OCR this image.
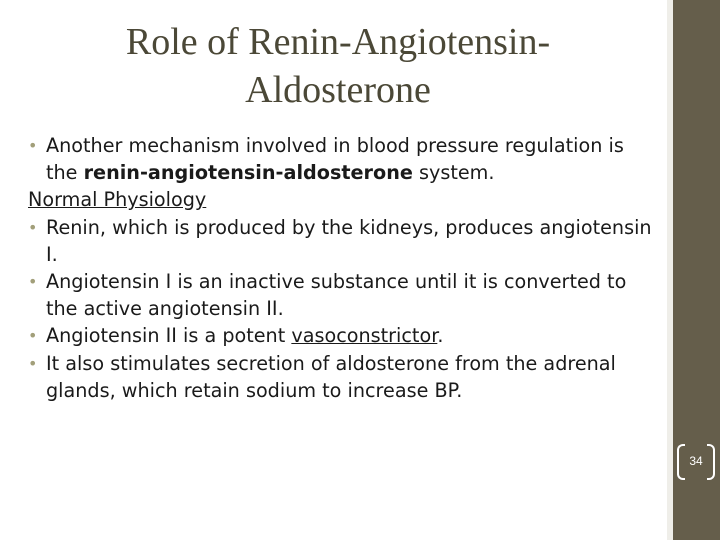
Role of Renin-Angiotensin-
Aldosterone
• Another mechanism involved in blood pressure regulation is the renin-angiotensin-aldosterone system.
Normal Physiology
• Renin, which is produced by the kidneys, produces angiotensin I.
• Angiotensin I is an inactive substance until it is converted to the active angiotensin II.
• Angiotensin II is a potent vasoconstrictor.
• It also stimulates secretion of aldosterone from the adrenal glands, which retain sodium to increase BP.
34
